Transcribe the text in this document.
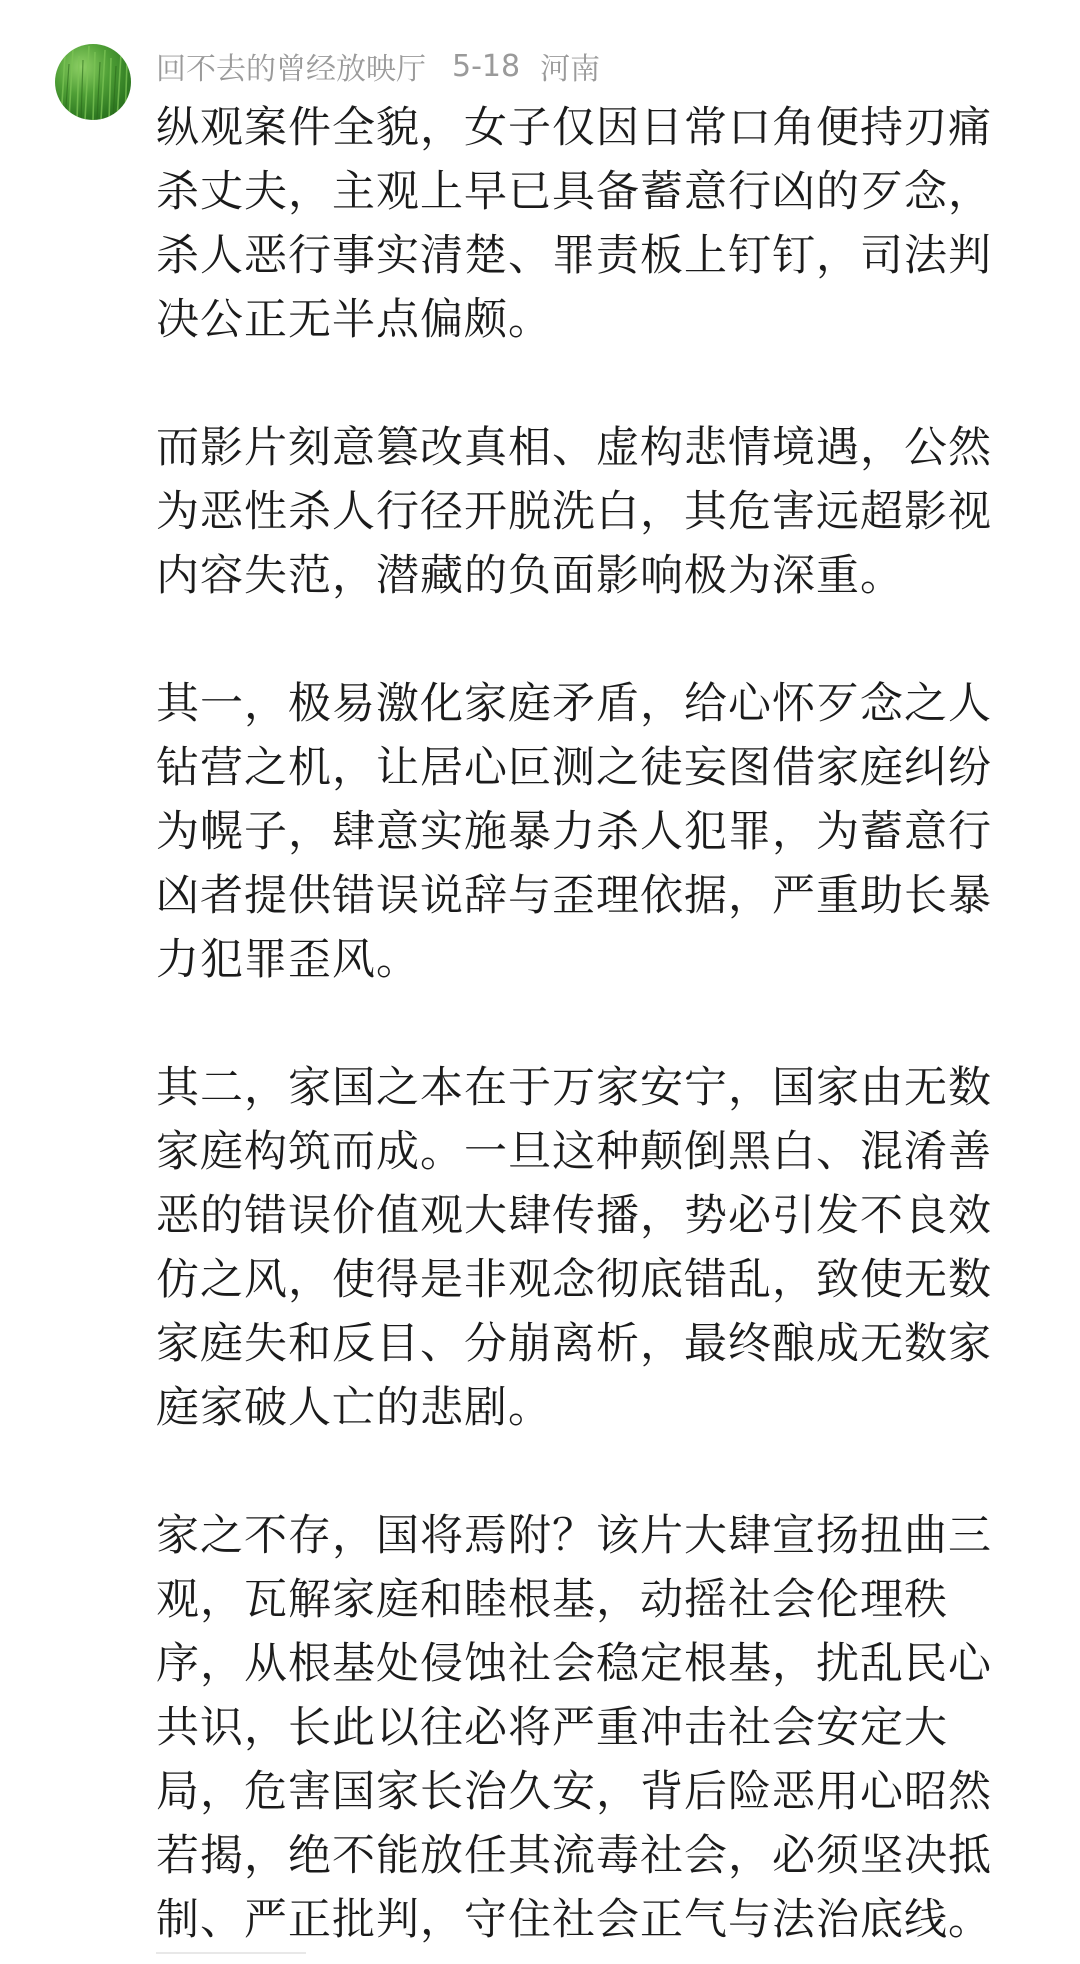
回不去的曾经放映厅 5-18 河南

纵观案件全貌，女子仅因日常口角便持刃痛杀丈夫，主观上早已具备蓄意行凶的歹念，杀人恶行事实清楚、罪责板上钉钉，司法判决公正无半点偏颇。

而影片刻意篡改真相、虚构悲情境遇，公然为恶性杀人行径开脱洗白，其危害远超影视内容失范，潜藏的负面影响极为深重。

其一，极易激化家庭矛盾，给心怀歹念之人钻营之机，让居心叵测之徒妄图借家庭纠纷为幌子，肆意实施暴力杀人犯罪，为蓄意行凶者提供错误说辞与歪理依据，严重助长暴力犯罪歪风。

其二，家国之本在于万家安宁，国家由无数家庭构筑而成。一旦这种颠倒黑白、混淆善恶的错误价值观大肆传播，势必引发不良效仿之风，使得是非观念彻底错乱，致使无数家庭失和反目、分崩离析，最终酿成无数家庭家破人亡的悲剧。

家之不存，国将焉附？该片大肆宣扬扭曲三观，瓦解家庭和睦根基，动摇社会伦理秩序，从根基处侵蚀社会稳定根基，扰乱民心共识，长此以往必将严重冲击社会安定大局，危害国家长治久安，背后险恶用心昭然若揭，绝不能放任其流毒社会，必须坚决抵制、严正批判，守住社会正气与法治底线。
